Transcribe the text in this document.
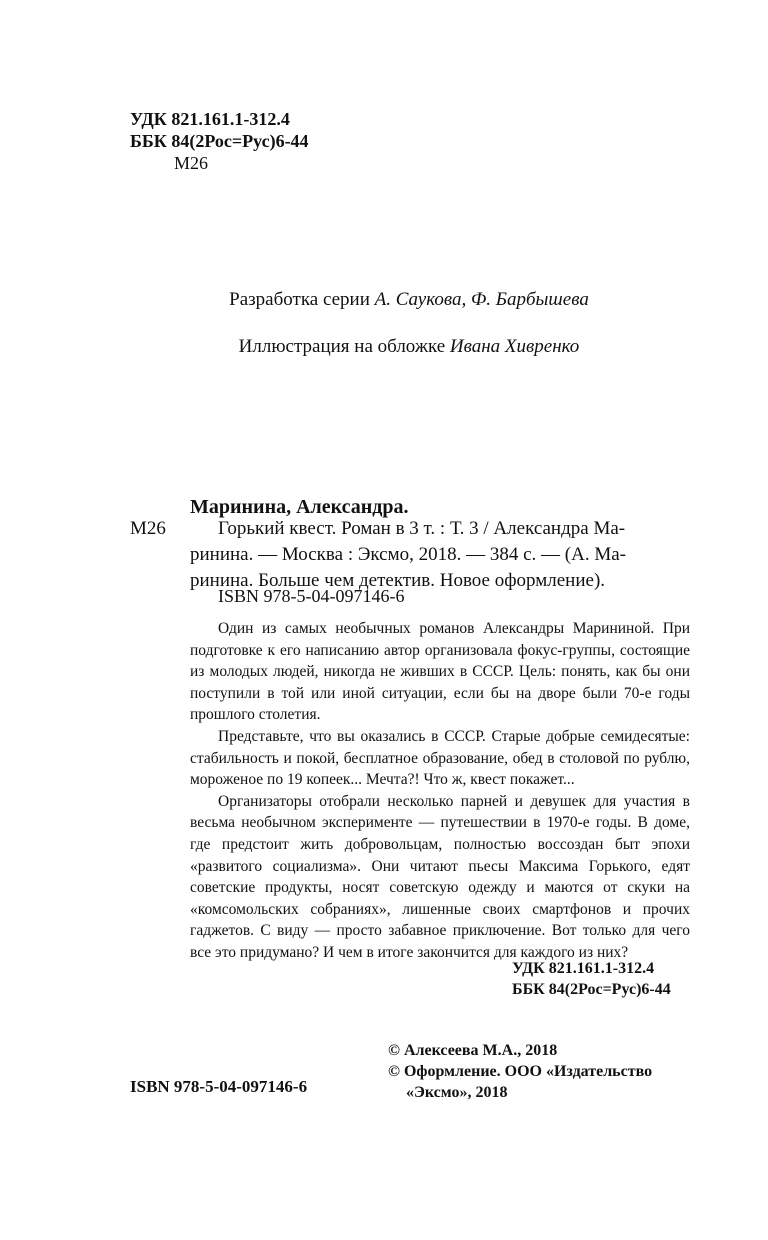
УДК 821.161.1-312.4
ББК 84(2Рос=Рус)6-44
М26
Разработка серии А. Саукова, Ф. Барбышева
Иллюстрация на обложке Ивана Хивренко
Маринина, Александра.
М26	Горький квест. Роман в 3 т. : Т. 3 / Александра Ма-
ринина. — Москва : Эксмо, 2018. — 384 с. — (А. Ма-
ринина. Больше чем детектив. Новое оформление).
ISBN 978-5-04-097146-6

Один из самых необычных романов Александры Марининой. При подготовке к его написанию автор организовала фокус-группы, состоящие из молодых людей, никогда не живших в СССР. Цель: понять, как бы они поступили в той или иной ситуации, если бы на дворе были 70-е годы прошлого столетия.

Представьте, что вы оказались в СССР. Старые добрые семидесятые: стабильность и покой, бесплатное образование, обед в столовой по рублю, мороженое по 19 копеек... Мечта?! Что ж, квест покажет...

Организаторы отобрали несколько парней и девушек для участия в весьма необычном эксперименте — путешествии в 1970-е годы. В доме, где предстоит жить добровольцам, полностью воссоздан быт эпохи «развитого социализма». Они читают пьесы Максима Горького, едят советские продукты, носят советскую одежду и маются от скуки на «комсомольских собраниях», лишенные своих смартфонов и прочих гаджетов. С виду — просто забавное приключение. Вот только для чего все это придумано? И чем в итоге закончится для каждого из них?

УДК 821.161.1-312.4
ББК 84(2Рос=Рус)6-44
© Алексеева М.А., 2018
© Оформление. ООО «Издательство
«Эксмо», 2018
ISBN 978-5-04-097146-6
